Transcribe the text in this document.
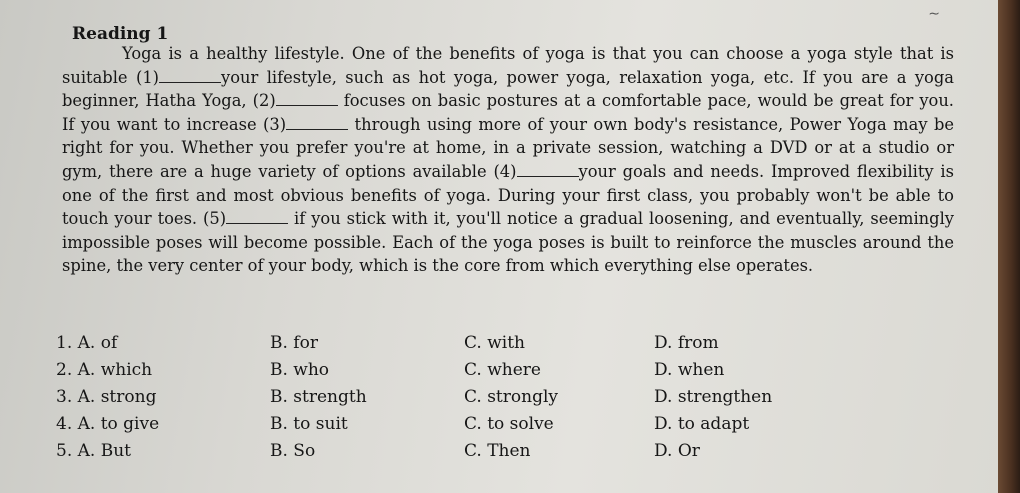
∼
Reading 1

Yoga is a healthy lifestyle. One of the benefits of yoga is that you can choose a yoga style that is suitable (1)	your lifestyle, such as hot yoga, power yoga, relaxation yoga, etc. If you are a yoga beginner, Hatha Yoga, (2)	focuses on basic postures at a comfortable pace, would be great for you. If you want to increase (3)	through using more of your own body's resistance, Power Yoga may be right for you. Whether you prefer you're at home, in a private session, watching a DVD or at a studio or gym, there are a huge variety of options available (4)	your goals and needs. Improved flexibility is one of the first and most obvious benefits of yoga. During your first class, you probably won't be able to touch your toes. (5)	if you stick with it, you'll notice a gradual loosening, and eventually, seemingly impossible poses will become possible. Each of the yoga poses is built to reinforce the muscles around the spine, the very center of your body, which is the core from which everything else operates.

1. A. of	B. for	C. with	D. from
2. A. which	B. who	C. where	D. when
3. A. strong	B. strength	C. strongly	D. strengthen
4. A. to give	B. to suit	C. to solve	D. to adapt
5. A. But	B. So	C. Then	D. Or
